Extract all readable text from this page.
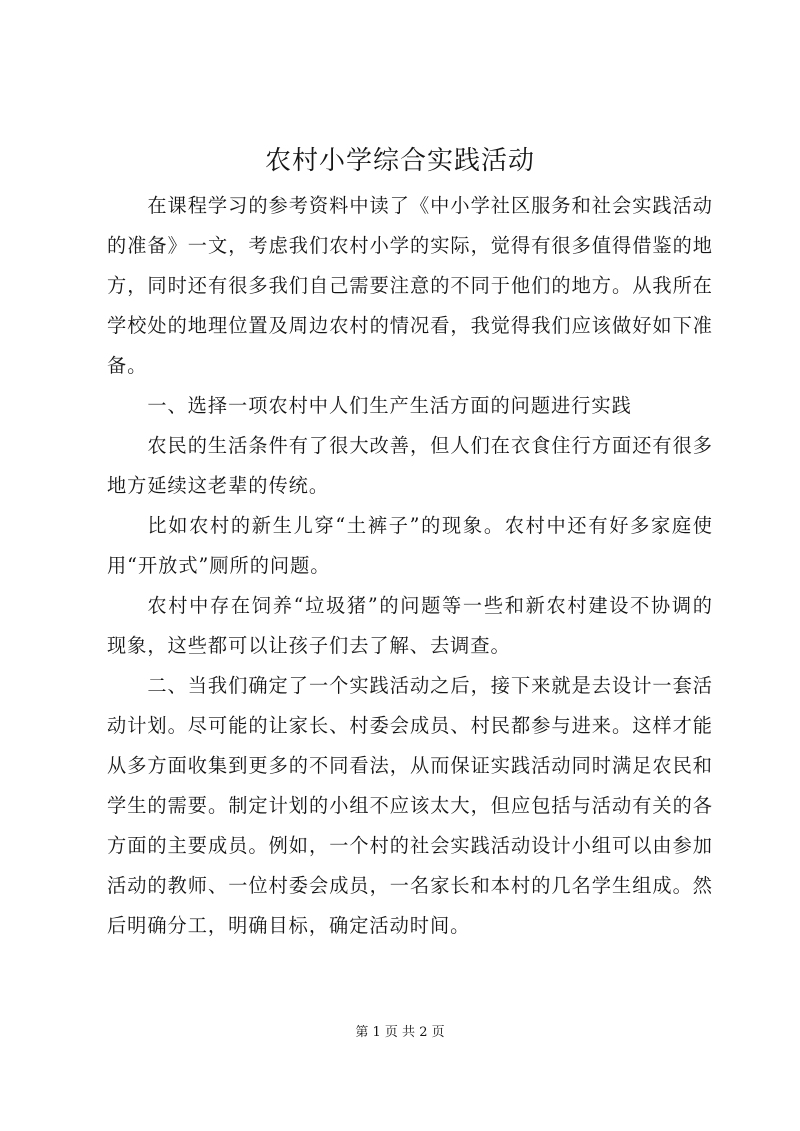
农村小学综合实践活动

在课程学习的参考资料中读了《中小学社区服务和社会实践活动的准备》一文，考虑我们农村小学的实际，觉得有很多值得借鉴的地方，同时还有很多我们自己需要注意的不同于他们的地方。从我所在学校处的地理位置及周边农村的情况看，我觉得我们应该做好如下准备。

一、选择一项农村中人们生产生活方面的问题进行实践

农民的生活条件有了很大改善，但人们在衣食住行方面还有很多地方延续这老辈的传统。

比如农村的新生儿穿“土裤子”的现象。农村中还有好多家庭使用“开放式”厕所的问题。

农村中存在饲养“垃圾猪”的问题等一些和新农村建设不协调的现象，这些都可以让孩子们去了解、去调查。

二、当我们确定了一个实践活动之后，接下来就是去设计一套活动计划。尽可能的让家长、村委会成员、村民都参与进来。这样才能从多方面收集到更多的不同看法，从而保证实践活动同时满足农民和学生的需要。制定计划的小组不应该太大，但应包括与活动有关的各方面的主要成员。例如，一个村的社会实践活动设计小组可以由参加活动的教师、一位村委会成员，一名家长和本村的几名学生组成。然后明确分工，明确目标，确定活动时间。

第 1 页 共 2 页
